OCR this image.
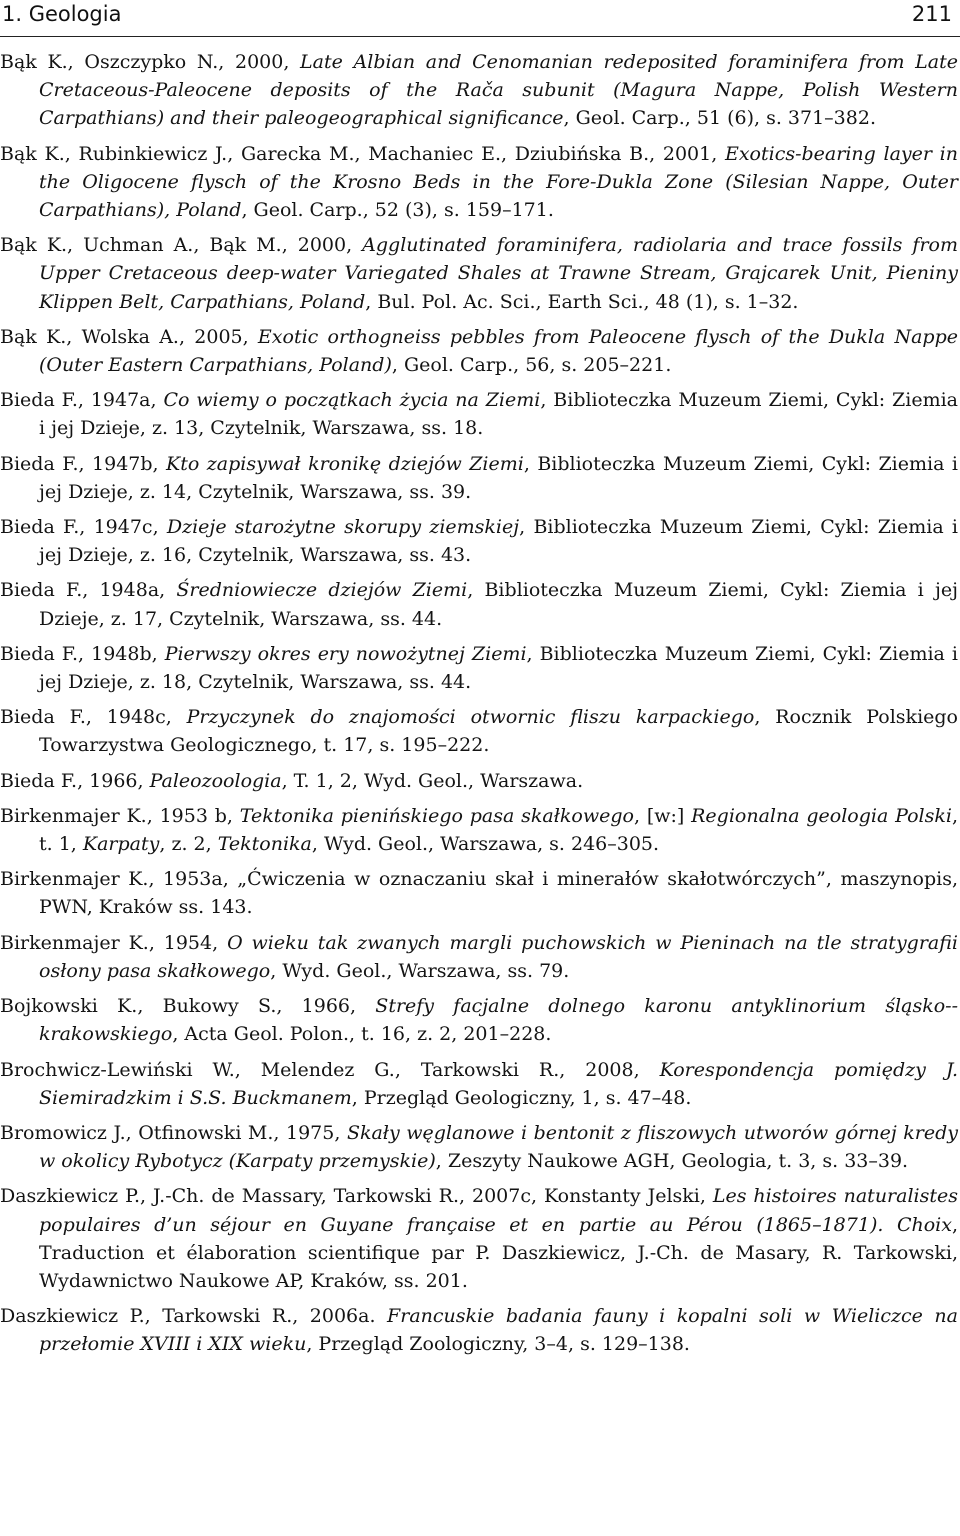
1. Geologia	211

Bąk K., Oszczypko N., 2000, Late Albian and Cenomanian redeposited foraminifera from Late Cretaceous-Paleocene deposits of the Rača subunit (Magura Nappe, Polish Western Carpathians) and their paleogeographical significance, Geol. Carp., 51 (6), s. 371–382.

Bąk K., Rubinkiewicz J., Garecka M., Machaniec E., Dziubińska B., 2001, Exotics-bearing layer in the Oligocene flysch of the Krosno Beds in the Fore-Dukla Zone (Silesian Nappe, Outer Carpathians), Poland, Geol. Carp., 52 (3), s. 159–171.

Bąk K., Uchman A., Bąk M., 2000, Agglutinated foraminifera, radiolaria and trace fossils from Upper Cretaceous deep-water Variegated Shales at Trawne Stream, Grajcarek Unit, Pieniny Klippen Belt, Carpathians, Poland, Bul. Pol. Ac. Sci., Earth Sci., 48 (1), s. 1–32.

Bąk K., Wolska A., 2005, Exotic orthogneiss pebbles from Paleocene flysch of the Dukla Nappe (Outer Eastern Carpathians, Poland), Geol. Carp., 56, s. 205–221.

Bieda F., 1947a, Co wiemy o początkach życia na Ziemi, Biblioteczka Muzeum Ziemi, Cykl: Ziemia i jej Dzieje, z. 13, Czytelnik, Warszawa, ss. 18.

Bieda F., 1947b, Kto zapisywał kronikę dziejów Ziemi, Biblioteczka Muzeum Ziemi, Cykl: Ziemia i jej Dzieje, z. 14, Czytelnik, Warszawa, ss. 39.

Bieda F., 1947c, Dzieje starożytne skorupy ziemskiej, Biblioteczka Muzeum Ziemi, Cykl: Ziemia i jej Dzieje, z. 16, Czytelnik, Warszawa, ss. 43.

Bieda F., 1948a, Średniowiecze dziejów Ziemi, Biblioteczka Muzeum Ziemi, Cykl: Ziemia i jej Dzieje, z. 17, Czytelnik, Warszawa, ss. 44.

Bieda F., 1948b, Pierwszy okres ery nowożytnej Ziemi, Biblioteczka Muzeum Ziemi, Cykl: Ziemia i jej Dzieje, z. 18, Czytelnik, Warszawa, ss. 44.

Bieda F., 1948c, Przyczynek do znajomości otwornic fliszu karpackiego, Rocznik Polskiego Towarzystwa Geologicznego, t. 17, s. 195–222.

Bieda F., 1966, Paleozoologia, T. 1, 2, Wyd. Geol., Warszawa.

Birkenmajer K., 1953 b, Tektonika pienińskiego pasa skałkowego, [w:] Regionalna geologia Polski, t. 1, Karpaty, z. 2, Tektonika, Wyd. Geol., Warszawa, s. 246–305.

Birkenmajer K., 1953a, „Ćwiczenia w oznaczaniu skał i minerałów skałotwórczych”, maszynopis, PWN, Kraków ss. 143.

Birkenmajer K., 1954, O wieku tak zwanych margli puchowskich w Pieninach na tle stratygrafii osłony pasa skałkowego, Wyd. Geol., Warszawa, ss. 79.

Bojkowski K., Bukowy S., 1966, Strefy facjalne dolnego karonu antyklinorium śląsko--krakowskiego, Acta Geol. Polon., t. 16, z. 2, 201–228.

Brochwicz-Lewiński W., Melendez G., Tarkowski R., 2008, Korespondencja pomiędzy J. Siemiradzkim i S.S. Buckmanem, Przegląd Geologiczny, 1, s. 47–48.

Bromowicz J., Otfinowski M., 1975, Skały węglanowe i bentonit z fliszowych utworów górnej kredy w okolicy Rybotycz (Karpaty przemyskie), Zeszyty Naukowe AGH, Geologia, t. 3, s. 33–39.

Daszkiewicz P., J.-Ch. de Massary, Tarkowski R., 2007c, Konstanty Jelski, Les histoires naturalistes populaires d’un séjour en Guyane française et en partie au Pérou (1865–1871). Choix, Traduction et élaboration scientifique par P. Daszkiewicz, J.-Ch. de Masary, R. Tarkowski, Wydawnictwo Naukowe AP, Kraków, ss. 201.

Daszkiewicz P., Tarkowski R., 2006a. Francuskie badania fauny i kopalni soli w Wieliczce na przełomie XVIII i XIX wieku, Przegląd Zoologiczny, 3–4, s. 129–138.
